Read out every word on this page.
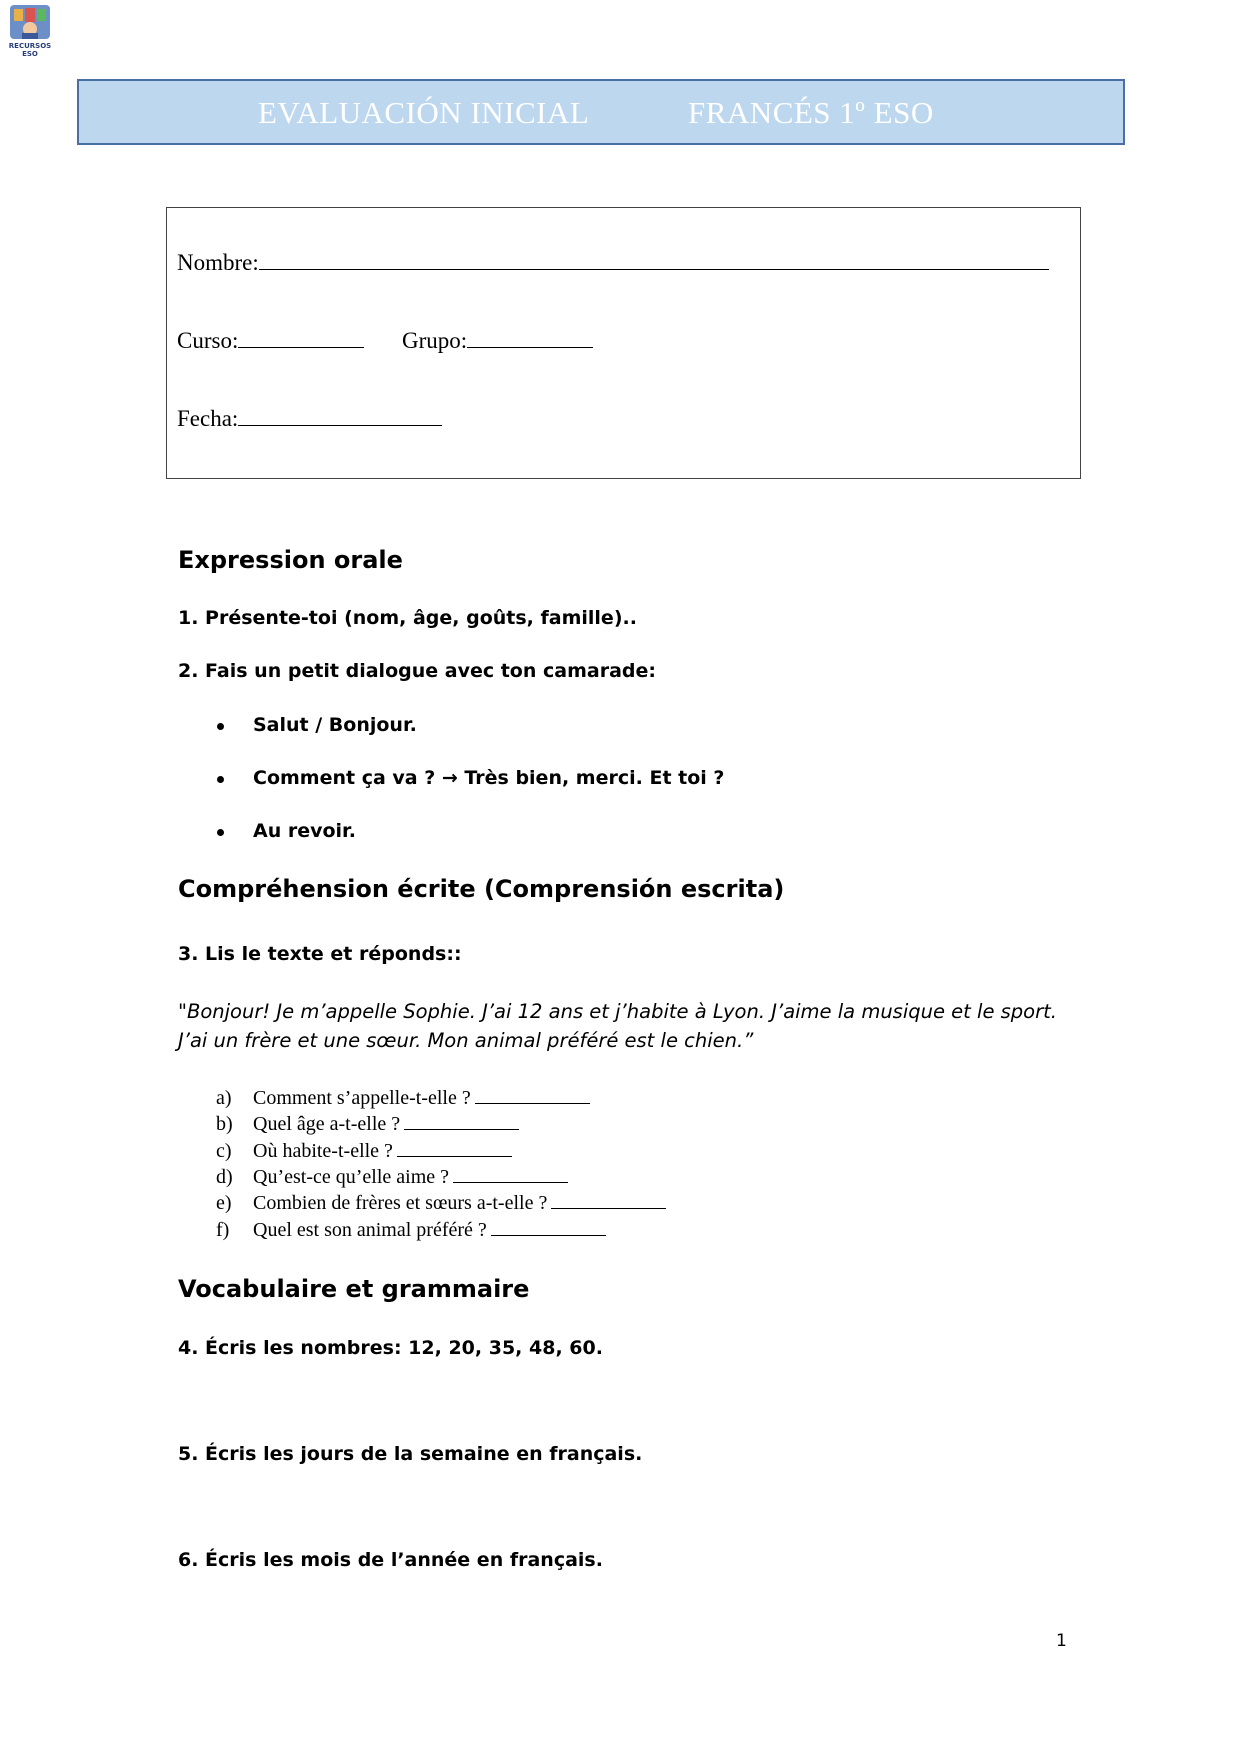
RECURSOS
ESO
EVALUACIÓN INICIAL	FRANCÉS 1º ESO
Nombre:
Curso:	Grupo:
Fecha:
Expression orale
1. Présente-toi (nom, âge, goûts, famille)..
2. Fais un petit dialogue avec ton camarade:
Salut / Bonjour.
Comment ça va ? → Très bien, merci. Et toi ?
Au revoir.
Compréhension écrite (Comprensión escrita)
3. Lis le texte et réponds::
"Bonjour! Je m’appelle Sophie. J’ai 12 ans et j’habite à Lyon. J’aime la musique et le sport. J’ai un frère et une sœur. Mon animal préféré est le chien.”
a) Comment s’appelle-t-elle ?
b) Quel âge a-t-elle ?
c) Où habite-t-elle ?
d) Qu’est-ce qu’elle aime ?
e) Combien de frères et sœurs a-t-elle ?
f) Quel est son animal préféré ?
Vocabulaire et grammaire
4. Écris les nombres: 12, 20, 35, 48, 60.
5. Écris les jours de la semaine en français.
6. Écris les mois de l’année en français.
1
